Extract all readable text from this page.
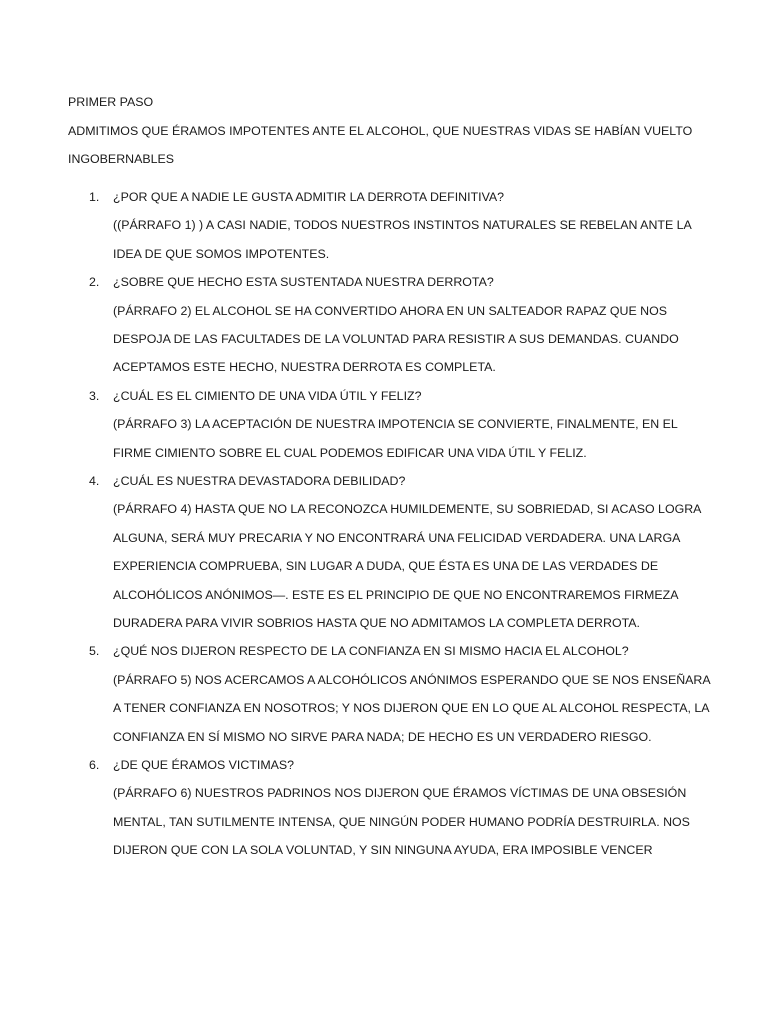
PRIMER PASO
ADMITIMOS QUE ÉRAMOS IMPOTENTES ANTE EL ALCOHOL, QUE NUESTRAS VIDAS SE HABÍAN VUELTO
INGOBERNABLES
1. ¿POR QUE A NADIE LE GUSTA ADMITIR LA DERROTA DEFINITIVA?
((PÁRRAFO 1) ) A CASI NADIE, TODOS NUESTROS INSTINTOS NATURALES SE REBELAN ANTE LA IDEA DE QUE SOMOS IMPOTENTES.
2. ¿SOBRE QUE HECHO ESTA SUSTENTADA NUESTRA DERROTA?
(PÁRRAFO 2) EL ALCOHOL SE HA CONVERTIDO AHORA EN UN SALTEADOR RAPAZ QUE NOS DESPOJA DE LAS FACULTADES DE LA VOLUNTAD PARA RESISTIR A SUS DEMANDAS. CUANDO ACEPTAMOS ESTE HECHO, NUESTRA DERROTA ES COMPLETA.
3. ¿CUÁL ES EL CIMIENTO DE UNA VIDA ÚTIL Y FELIZ?
(PÁRRAFO 3) LA ACEPTACIÓN DE NUESTRA IMPOTENCIA SE CONVIERTE, FINALMENTE, EN EL FIRME CIMIENTO SOBRE EL CUAL PODEMOS EDIFICAR UNA VIDA ÚTIL Y FELIZ.
4. ¿CUÁL ES NUESTRA DEVASTADORA DEBILIDAD?
(PÁRRAFO 4) HASTA QUE NO LA RECONOZCA HUMILDEMENTE, SU SOBRIEDAD, SI ACASO LOGRA ALGUNA, SERÁ MUY PRECARIA Y NO ENCONTRARÁ UNA FELICIDAD VERDADERA. UNA LARGA EXPERIENCIA COMPRUEBA, SIN LUGAR A DUDA, QUE ÉSTA ES UNA DE LAS VERDADES DE ALCOHÓLICOS ANÓNIMOS—. ESTE ES EL PRINCIPIO DE QUE NO ENCONTRAREMOS FIRMEZA DURADERA PARA VIVIR SOBRIOS HASTA QUE NO ADMITAMOS LA COMPLETA DERROTA.
5. ¿QUÉ NOS DIJERON RESPECTO DE LA CONFIANZA EN SI MISMO HACIA EL ALCOHOL?
(PÁRRAFO 5) NOS ACERCAMOS A ALCOHÓLICOS ANÓNIMOS ESPERANDO QUE SE NOS ENSEÑARA A TENER CONFIANZA EN NOSOTROS; Y NOS DIJERON QUE EN LO QUE AL ALCOHOL RESPECTA, LA CONFIANZA EN SÍ MISMO NO SIRVE PARA NADA; DE HECHO ES UN VERDADERO RIESGO.
6. ¿DE QUE ÉRAMOS VICTIMAS?
(PÁRRAFO 6) NUESTROS PADRINOS NOS DIJERON QUE ÉRAMOS VÍCTIMAS DE UNA OBSESIÓN MENTAL, TAN SUTILMENTE INTENSA, QUE NINGÚN PODER HUMANO PODRÍA DESTRUIRLA. NOS DIJERON QUE CON LA SOLA VOLUNTAD, Y SIN NINGUNA AYUDA, ERA IMPOSIBLE VENCER
